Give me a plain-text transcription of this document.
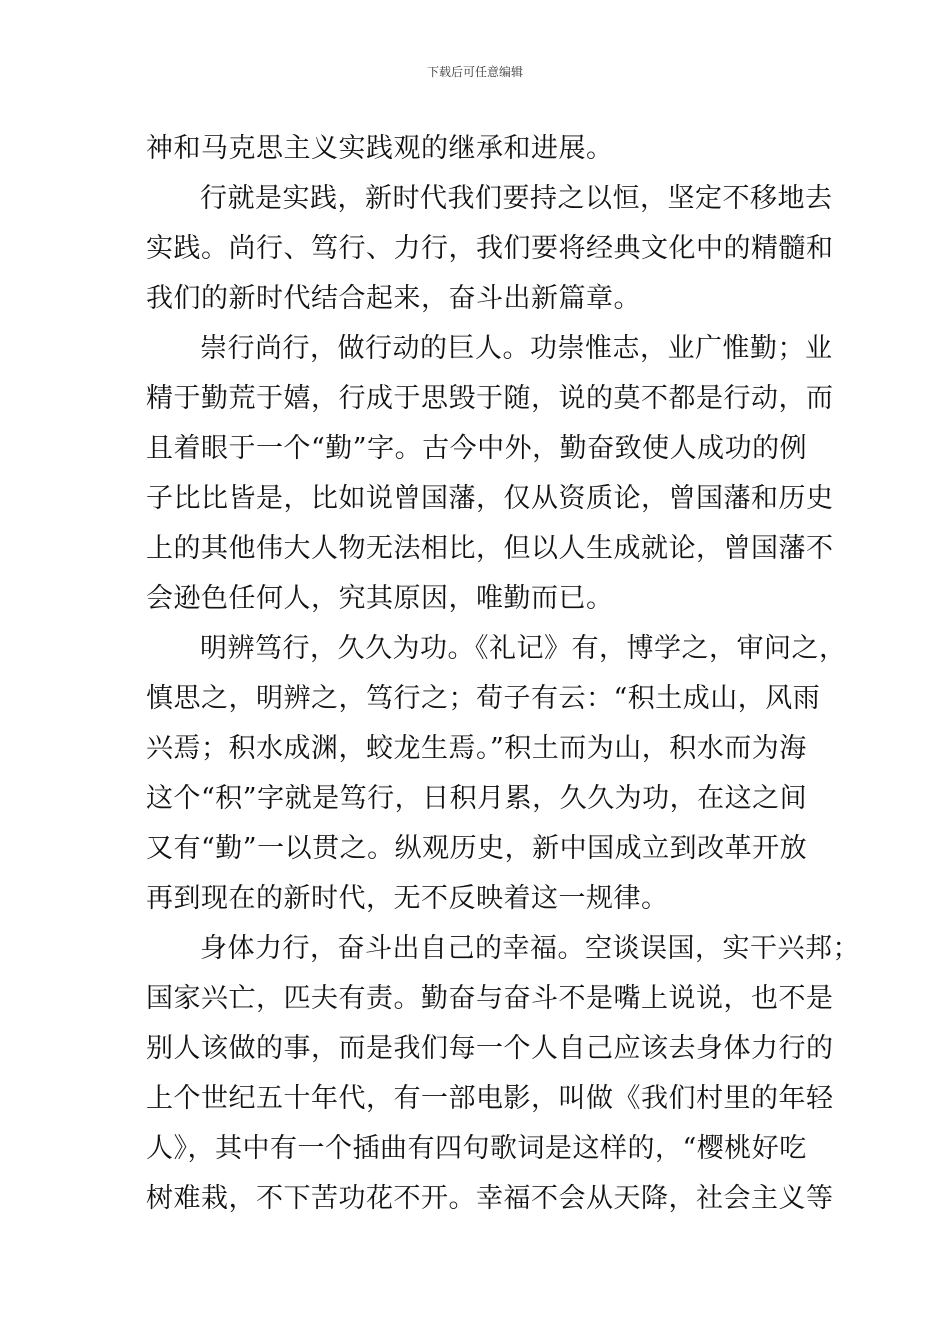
下载后可任意编辑
神和马克思主义实践观的继承和进展。
行就是实践，新时代我们要持之以恒，坚定不移地去
实践。尚行、笃行、力行，我们要将经典文化中的精髓和
我们的新时代结合起来，奋斗出新篇章。
崇行尚行，做行动的巨人。功崇惟志，业广惟勤；业
精于勤荒于嬉，行成于思毁于随，说的莫不都是行动，而
且着眼于一个“勤”字。古今中外，勤奋致使人成功的例
子比比皆是，比如说曾国藩，仅从资质论，曾国藩和历史
上的其他伟大人物无法相比，但以人生成就论，曾国藩不
会逊色任何人，究其原因，唯勤而已。
明辨笃行，久久为功。《礼记》有，博学之，审问之，
慎思之，明辨之，笃行之；荀子有云：“积土成山，风雨
兴焉；积水成渊，蛟龙生焉。”积土而为山，积水而为海
这个“积”字就是笃行，日积月累，久久为功，在这之间
又有“勤”一以贯之。纵观历史，新中国成立到改革开放
再到现在的新时代，无不反映着这一规律。
身体力行，奋斗出自己的幸福。空谈误国，实干兴邦；
国家兴亡，匹夫有责。勤奋与奋斗不是嘴上说说，也不是
别人该做的事，而是我们每一个人自己应该去身体力行的
上个世纪五十年代，有一部电影，叫做《我们村里的年轻
人》，其中有一个插曲有四句歌词是这样的，“樱桃好吃
树难栽，不下苦功花不开。幸福不会从天降，社会主义等
